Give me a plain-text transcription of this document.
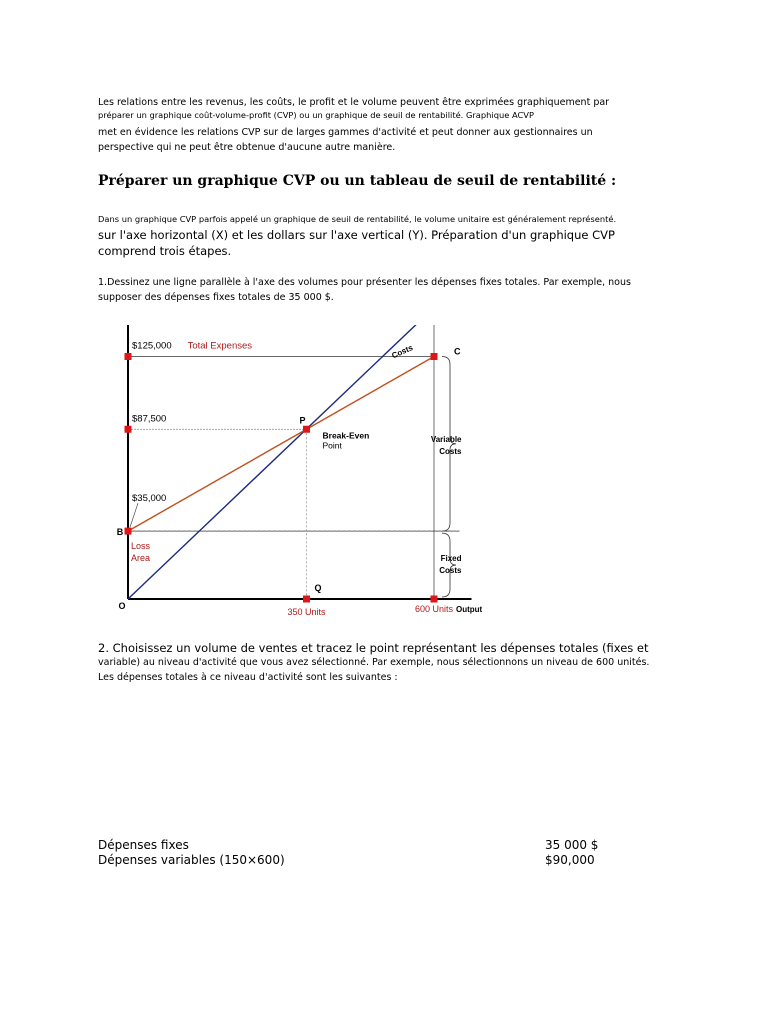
Les relations entre les revenus, les coûts, le profit et le volume peuvent être exprimées graphiquement par

préparer un graphique coût-volume-profit (CVP) ou un graphique de seuil de rentabilité. Graphique ACVP

met en évidence les relations CVP sur de larges gammes d'activité et peut donner aux gestionnaires un

perspective qui ne peut être obtenue d'aucune autre manière.

Préparer un graphique CVP ou un tableau de seuil de rentabilité :

Dans un graphique CVP parfois appelé un graphique de seuil de rentabilité, le volume unitaire est généralement représenté.

sur l'axe horizontal (X) et les dollars sur l'axe vertical (Y). Préparation d'un graphique CVP

comprend trois étapes.

1.Dessinez une ligne parallèle à l'axe des volumes pour présenter les dépenses fixes totales. Par exemple, nous

supposer des dépenses fixes totales de 35 000 $.

$125,000
$87,500
$35,000
350 Units	600 Units Output
O
B
P
Q
C
Total Expenses	Costs
Break-Even
Point
Loss
Area
Variable
Costs
Fixed
Costs

2. Choisissez un volume de ventes et tracez le point représentant les dépenses totales (fixes et

variable) au niveau d'activité que vous avez sélectionné. Par exemple, nous sélectionnons un niveau de 600 unités.

Les dépenses totales à ce niveau d'activité sont les suivantes :

Dépenses fixes	35 000 $
Dépenses variables (150×600)	$90,000
